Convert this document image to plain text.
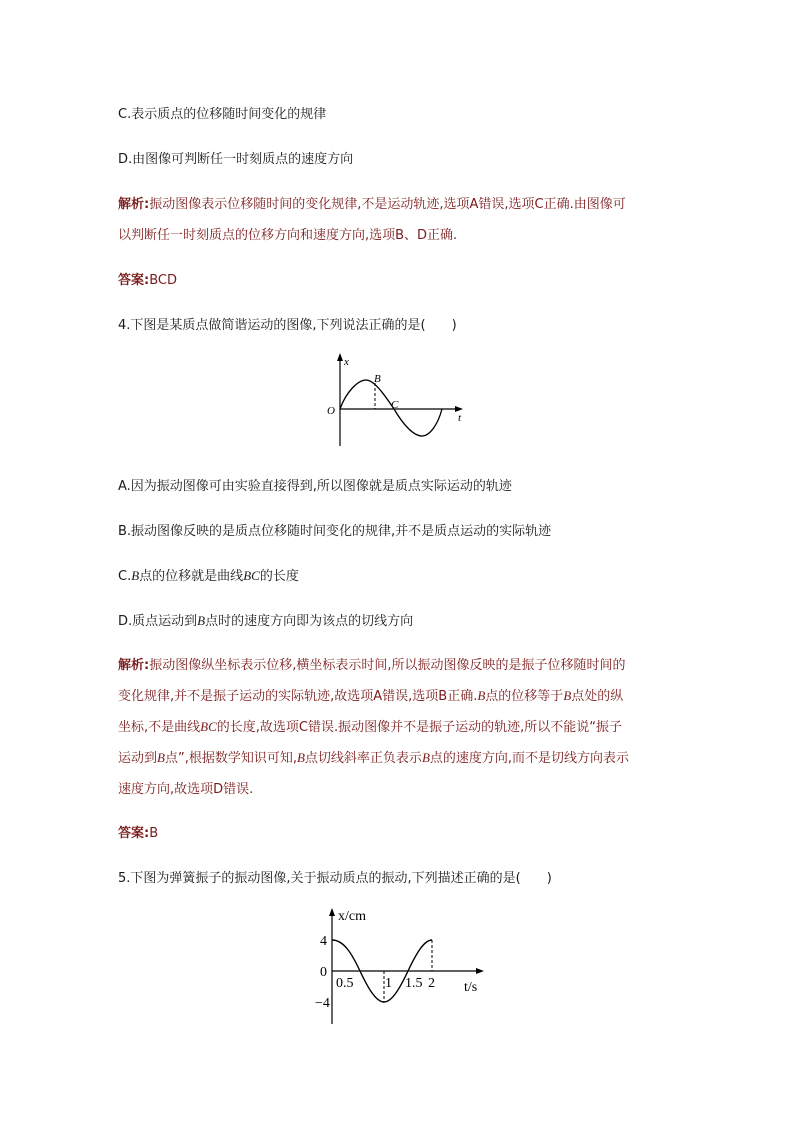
C.表示质点的位移随时间变化的规律
D.由图像可判断任一时刻质点的速度方向
解析:振动图像表示位移随时间的变化规律,不是运动轨迹,选项A错误,选项C正确.由图像可
以判断任一时刻质点的位移方向和速度方向,选项B、D正确.
答案:BCD
4.下图是某质点做简谐运动的图像,下列说法正确的是(　　)
x
O
B
C
t
A.因为振动图像可由实验直接得到,所以图像就是质点实际运动的轨迹
B.振动图像反映的是质点位移随时间变化的规律,并不是质点运动的实际轨迹
C.B点的位移就是曲线BC的长度
D.质点运动到B点时的速度方向即为该点的切线方向
解析:振动图像纵坐标表示位移,横坐标表示时间,所以振动图像反映的是振子位移随时间的
变化规律,并不是振子运动的实际轨迹,故选项A错误,选项B正确.B点的位移等于B点处的纵
坐标,不是曲线BC的长度,故选项C错误.振动图像并不是振子运动的轨迹,所以不能说“振子
运动到B点”,根据数学知识可知,B点切线斜率正负表示B点的速度方向,而不是切线方向表示
速度方向,故选项D错误.
答案:B
5.下图为弹簧振子的振动图像,关于振动质点的振动,下列描述正确的是(　　)
x/cm
4
0
−4
0.5 1 1.5 2 t/s
